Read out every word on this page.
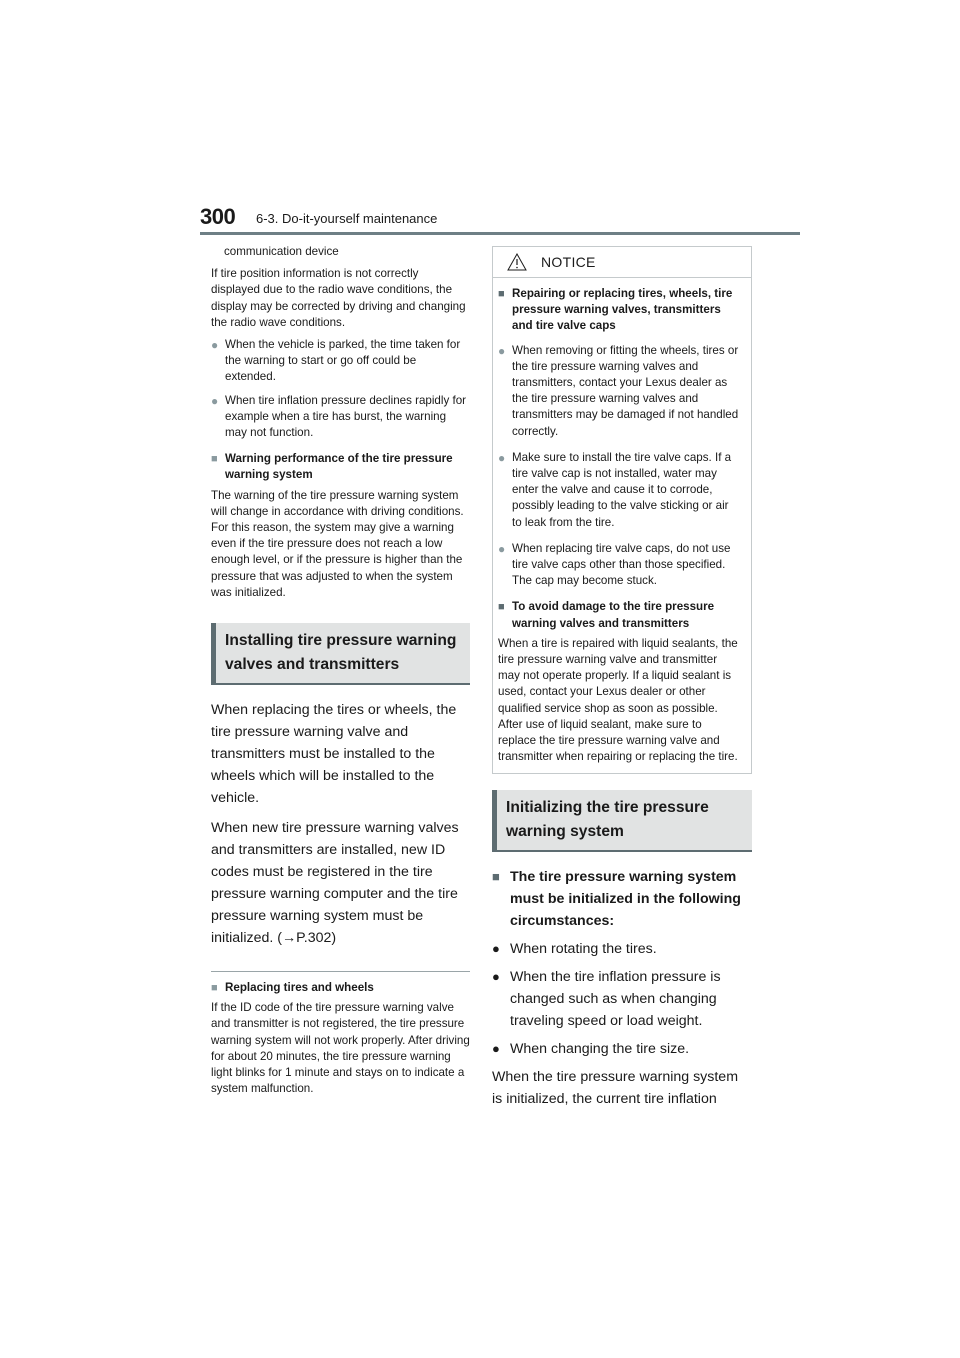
300 6-3. Do-it-yourself maintenance

communication device

If tire position information is not correctly displayed due to the radio wave conditions, the display may be corrected by driving and changing the radio wave conditions.

● When the vehicle is parked, the time taken for the warning to start or go off could be extended.
● When tire inflation pressure declines rapidly for example when a tire has burst, the warning may not function.
■ Warning performance of the tire pressure warning system

The warning of the tire pressure warning system will change in accordance with driving conditions. For this reason, the system may give a warning even if the tire pressure does not reach a low enough level, or if the pressure is higher than the pressure that was adjusted to when the system was initialized.

Installing tire pressure warning valves and transmitters

When replacing the tires or wheels, the tire pressure warning valve and transmitters must be installed to the wheels which will be installed to the vehicle.

When new tire pressure warning valves and transmitters are installed, new ID codes must be registered in the tire pressure warning computer and the tire pressure warning system must be initialized. (→P.302)

■ Replacing tires and wheels

If the ID code of the tire pressure warning valve and transmitter is not registered, the tire pressure warning system will not work properly. After driving for about 20 minutes, the tire pressure warning light blinks for 1 minute and stays on to indicate a system malfunction.

NOTICE
■ Repairing or replacing tires, wheels, tire pressure warning valves, transmitters and tire valve caps
● When removing or fitting the wheels, tires or the tire pressure warning valves and transmitters, contact your Lexus dealer as the tire pressure warning valves and transmitters may be damaged if not handled correctly.
● Make sure to install the tire valve caps. If a tire valve cap is not installed, water may enter the valve and cause it to corrode, possibly leading to the valve sticking or air to leak from the tire.
● When replacing tire valve caps, do not use tire valve caps other than those specified. The cap may become stuck.
■ To avoid damage to the tire pressure warning valves and transmitters

When a tire is repaired with liquid sealants, the tire pressure warning valve and transmitter may not operate properly. If a liquid sealant is used, contact your Lexus dealer or other qualified service shop as soon as possible. After use of liquid sealant, make sure to replace the tire pressure warning valve and transmitter when repairing or replacing the tire.

Initializing the tire pressure warning system
■ The tire pressure warning system must be initialized in the following circumstances:
● When rotating the tires.
● When the tire inflation pressure is changed such as when changing traveling speed or load weight.
● When changing the tire size.

When the tire pressure warning system is initialized, the current tire inflation
